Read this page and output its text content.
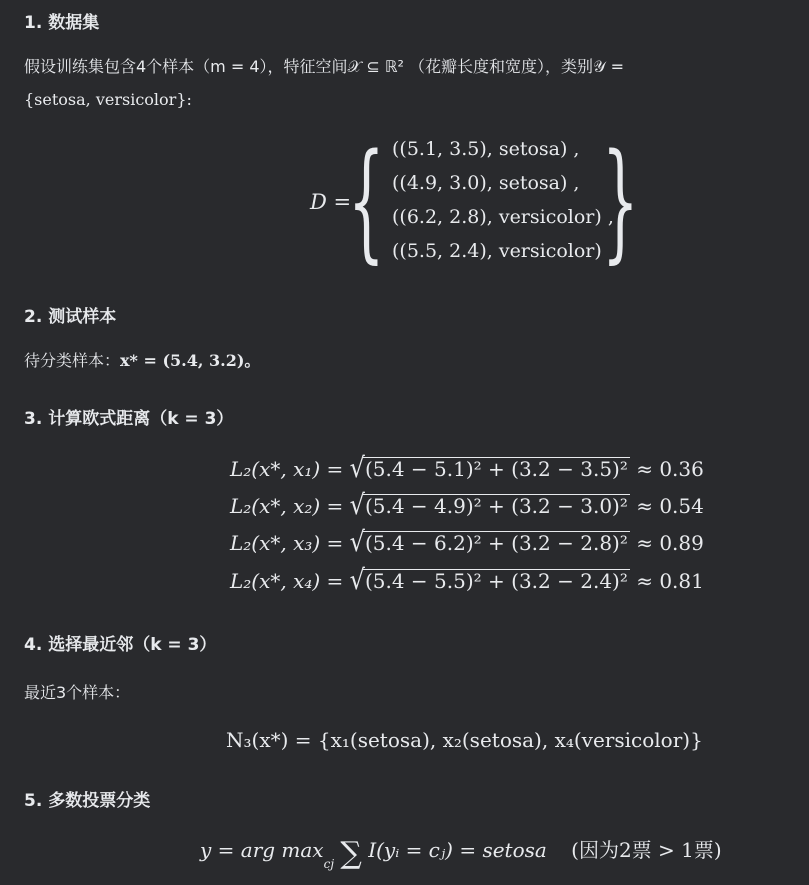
1. 数据集
假设训练集包含4个样本（m = 4），特征空间𝒳 ⊆ ℝ² （花瓣长度和宽度），类别𝒴 =
{setosa, versicolor}:
D =
{ }
((5.1, 3.5), setosa) ,
((4.9, 3.0), setosa) ,
((6.2, 2.8), versicolor) ,
((5.5, 2.4), versicolor)
2. 测试样本
待分类样本：x* = (5.4, 3.2)。
3. 计算欧式距离（k = 3）
L₂(x*, x₁) = √(5.4 − 5.1)² + (3.2 − 3.5)² ≈ 0.36
L₂(x*, x₂) = √(5.4 − 4.9)² + (3.2 − 3.0)² ≈ 0.54
L₂(x*, x₃) = √(5.4 − 6.2)² + (3.2 − 2.8)² ≈ 0.89
L₂(x*, x₄) = √(5.4 − 5.5)² + (3.2 − 2.4)² ≈ 0.81
4. 选择最近邻（k = 3）
最近3个样本：
N₃(x*) = {x₁(setosa), x₂(setosa), x₄(versicolor)}
5. 多数投票分类
y = arg max
cj ∑ I(yᵢ = cⱼ) = setosa (因为2票 > 1票)
